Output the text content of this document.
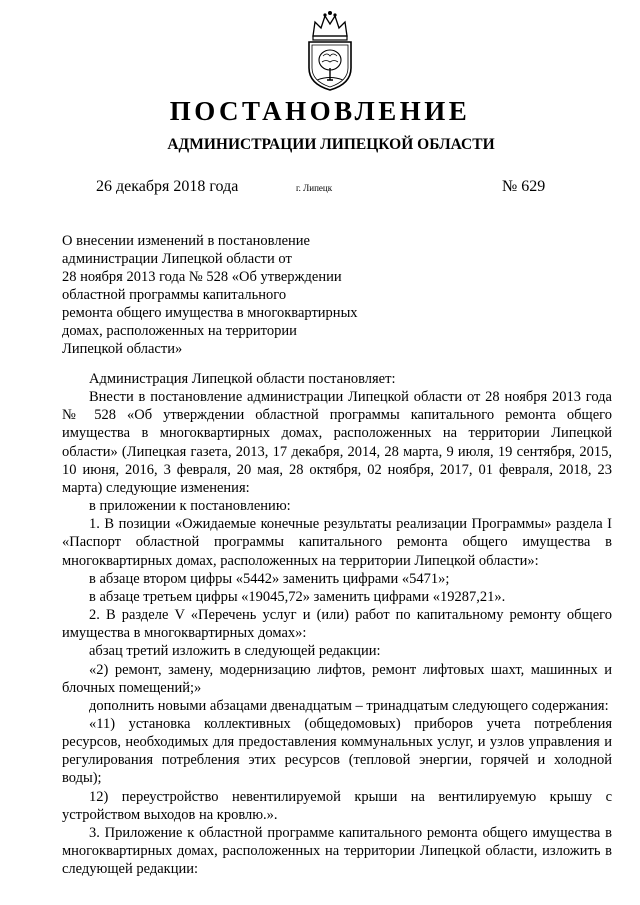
ПОСТАНОВЛЕНИЕ
АДМИНИСТРАЦИИ ЛИПЕЦКОЙ ОБЛАСТИ
26 декабря 2018 года	г. Липецк	№ 629
О внесении изменений в постановление
администрации Липецкой области от
28 ноября 2013 года № 528 «Об утверждении
областной программы капитального
ремонта общего имущества в многоквартирных
домах, расположенных на территории
Липецкой области»

Администрация Липецкой области постановляет:

Внести в постановление администрации Липецкой области от 28 ноября 2013 года № 528 «Об утверждении областной программы капитального ремонта общего имущества в многоквартирных домах, расположенных на территории Липецкой области» (Липецкая газета, 2013, 17 декабря, 2014, 28 марта, 9 июля, 19 сентября, 2015, 10 июня, 2016, 3 февраля, 20 мая, 28 октября, 02 ноября, 2017, 01 февраля, 2018, 23 марта) следующие изменения:

в приложении к постановлению:

1. В позиции «Ожидаемые конечные результаты реализации Программы» раздела I «Паспорт областной программы капитального ремонта общего имущества в многоквартирных домах, расположенных на территории Липецкой области»:

в абзаце втором цифры «5442» заменить цифрами «5471»;

в абзаце третьем цифры «19045,72» заменить цифрами «19287,21».

2. В разделе V «Перечень услуг и (или) работ по капитальному ремонту общего имущества в многоквартирных домах»:

абзац третий изложить в следующей редакции:

«2) ремонт, замену, модернизацию лифтов, ремонт лифтовых шахт, машинных и блочных помещений;»

дополнить новыми абзацами двенадцатым – тринадцатым следующего содержания:

«11) установка коллективных (общедомовых) приборов учета потребления ресурсов, необходимых для предоставления коммунальных услуг, и узлов управления и регулирования потребления этих ресурсов (тепловой энергии, горячей и холодной воды);

12) переустройство невентилируемой крыши на вентилируемую крышу с устройством выходов на кровлю.».

3. Приложение к областной программе капитального ремонта общего имущества в многоквартирных домах, расположенных на территории Липецкой области, изложить в следующей редакции:
